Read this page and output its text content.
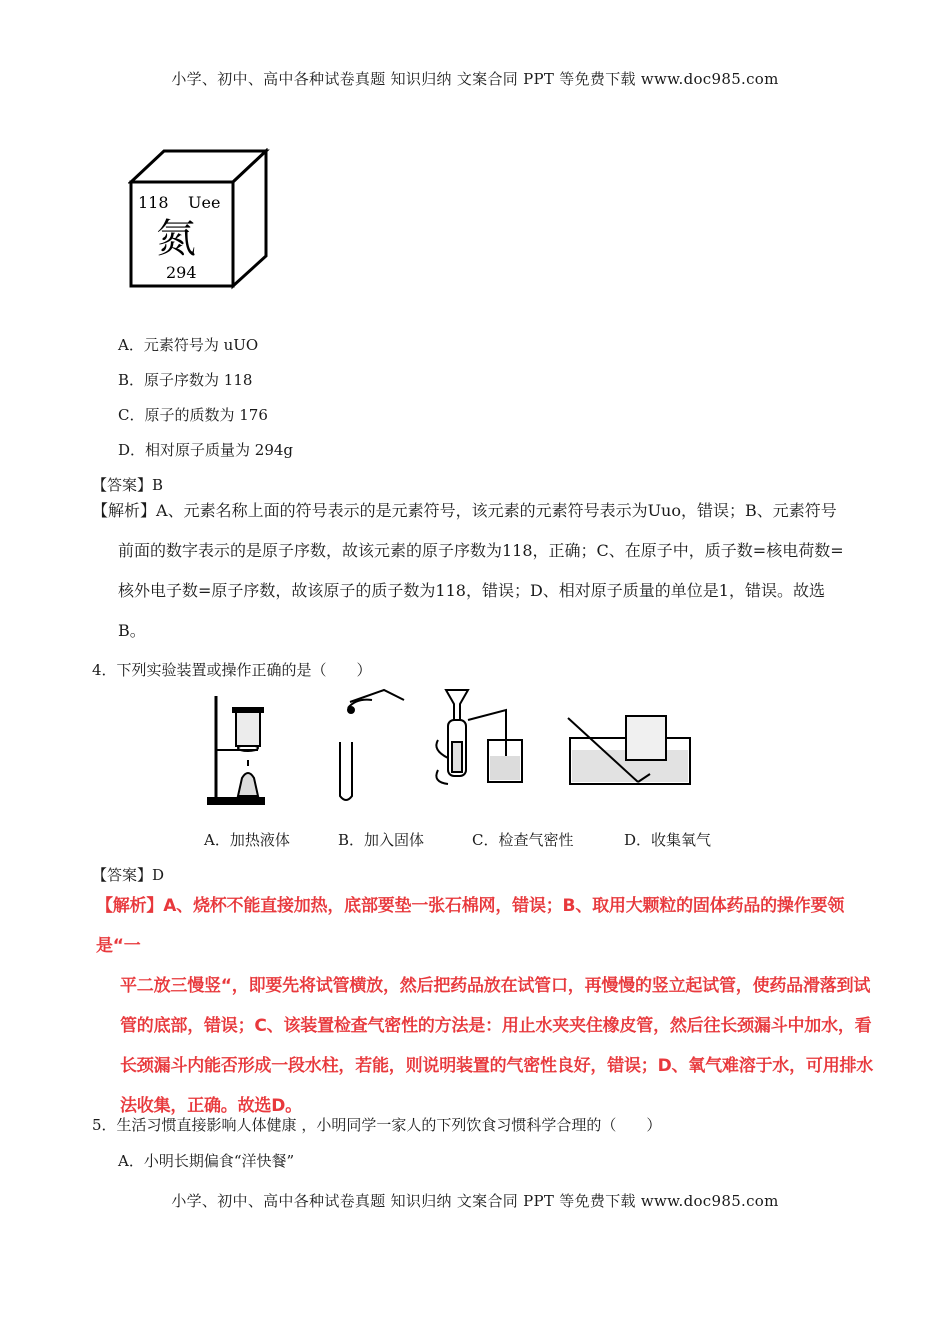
小学、初中、高中各种试卷真题 知识归纳 文案合同 PPT 等免费下载 www.doc985.com
118 Uee
氮
294
A．元素符号为 uUO
B．原子序数为 118
C．原子的质数为 176
D．相对原子质量为 294g
【答案】B
【解析】A、元素名称上面的符号表示的是元素符号，该元素的元素符号表示为Uuo，错误；B、元素符号
前面的数字表示的是原子序数，故该元素的原子序数为118，正确；C、在原子中，质子数=核电荷数=
核外电子数=原子序数，故该原子的质子数为118，错误；D、相对原子质量的单位是1，错误。故选
B。
4．下列实验装置或操作正确的是（　　）
A．加热液体	B．加入固体	C．检查气密性	D．收集氧气
【答案】D
【解析】A、烧杯不能直接加热，底部要垫一张石棉网，错误；B、取用大颗粒的固体药品的操作要领是“一
平二放三慢竖“，即要先将试管横放，然后把药品放在试管口，再慢慢的竖立起试管，使药品滑落到试
管的底部，错误；C、该装置检查气密性的方法是：用止水夹夹住橡皮管，然后往长颈漏斗中加水，看
长颈漏斗内能否形成一段水柱，若能，则说明装置的气密性良好，错误；D、氧气难溶于水，可用排水
法收集，正确。故选D。
5．生活习惯直接影响人体健康 ，小明同学一家人的下列饮食习惯科学合理的（　　）
A．小明长期偏食“洋快餐”
小学、初中、高中各种试卷真题 知识归纳 文案合同 PPT 等免费下载 www.doc985.com
